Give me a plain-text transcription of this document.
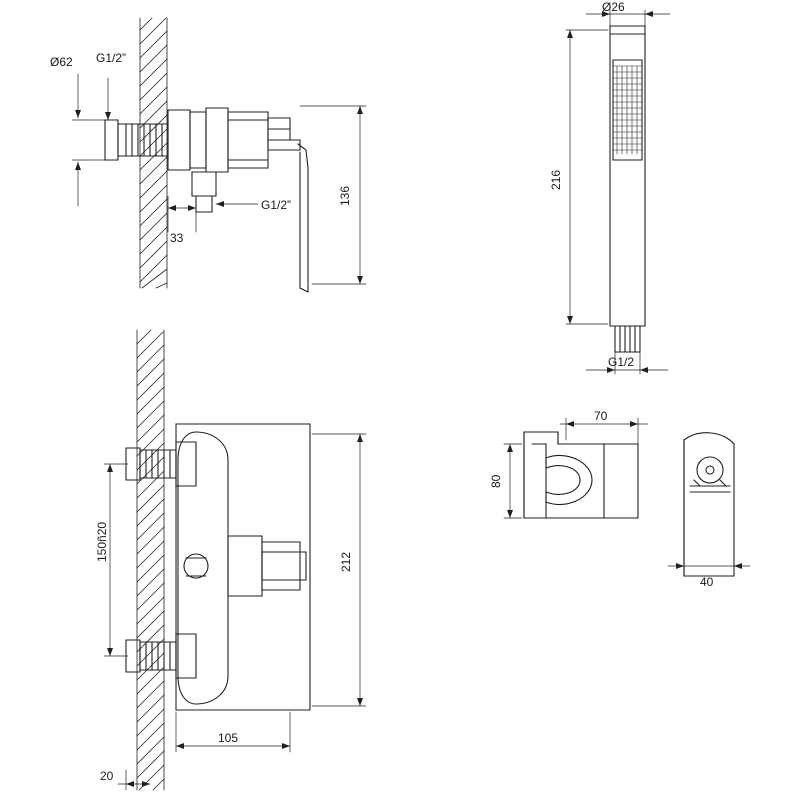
Ø62 G1/2”
136
G1/2”
33
150ñ20	212
105
20
Ø26
216
G1/2
70
80
40
